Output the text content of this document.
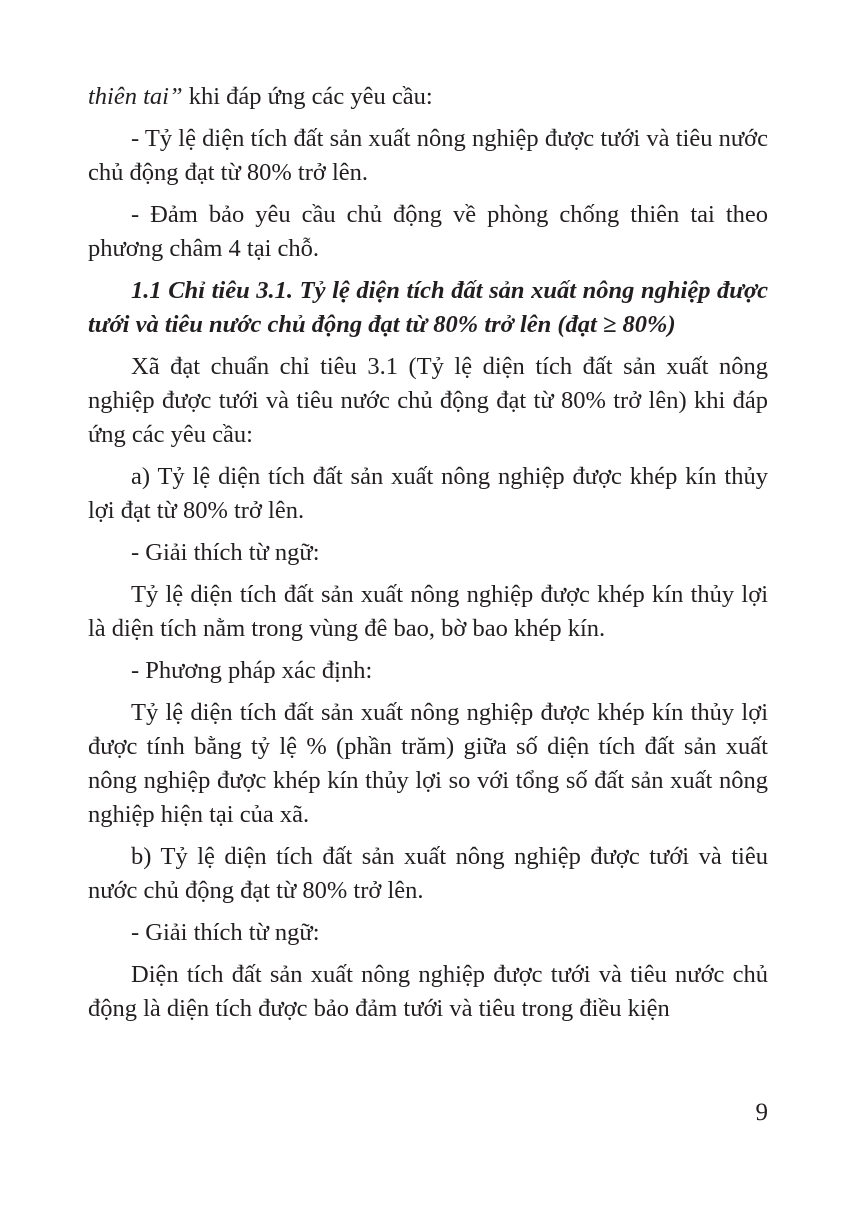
thiên tai” khi đáp ứng các yêu cầu:

- Tỷ lệ diện tích đất sản xuất nông nghiệp được tưới và tiêu nước chủ động đạt từ 80% trở lên.

- Đảm bảo yêu cầu chủ động về phòng chống thiên tai theo phương châm 4 tại chỗ.

1.1 Chỉ tiêu 3.1. Tỷ lệ diện tích đất sản xuất nông nghiệp được tưới và tiêu nước chủ động đạt từ 80% trở lên (đạt ≥ 80%)

Xã đạt chuẩn chỉ tiêu 3.1 (Tỷ lệ diện tích đất sản xuất nông nghiệp được tưới và tiêu nước chủ động đạt từ 80% trở lên) khi đáp ứng các yêu cầu:

a) Tỷ lệ diện tích đất sản xuất nông nghiệp được khép kín thủy lợi đạt từ 80% trở lên.

- Giải thích từ ngữ:

Tỷ lệ diện tích đất sản xuất nông nghiệp được khép kín thủy lợi là diện tích nằm trong vùng đê bao, bờ bao khép kín.

- Phương pháp xác định:

Tỷ lệ diện tích đất sản xuất nông nghiệp được khép kín thủy lợi được tính bằng tỷ lệ % (phần trăm) giữa số diện tích đất sản xuất nông nghiệp được khép kín thủy lợi so với tổng số đất sản xuất nông nghiệp hiện tại của xã.

b) Tỷ lệ diện tích đất sản xuất nông nghiệp được tưới và tiêu nước chủ động đạt từ 80% trở lên.

- Giải thích từ ngữ:

Diện tích đất sản xuất nông nghiệp được tưới và tiêu nước chủ động là diện tích được bảo đảm tưới và tiêu trong điều kiện

9
